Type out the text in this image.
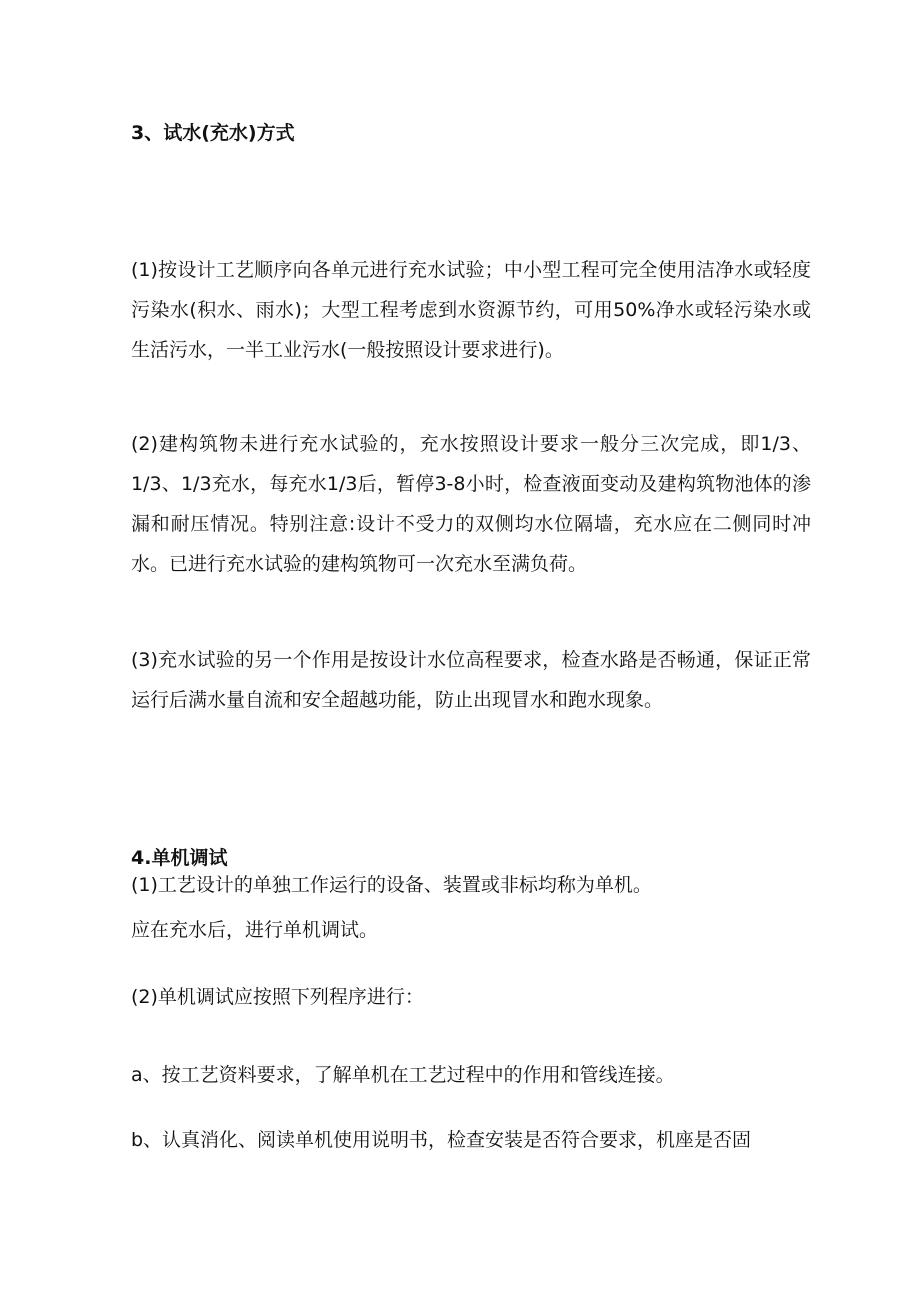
3、试水(充水)方式

(1)按设计工艺顺序向各单元进行充水试验；中小型工程可完全使用洁净水或轻度污染水(积水、雨水)；大型工程考虑到水资源节约，可用50%净水或轻污染水或生活污水，一半工业污水(一般按照设计要求进行)。

(2)建构筑物未进行充水试验的，充水按照设计要求一般分三次完成，即1/3、1/3、1/3充水，每充水1/3后，暂停3-8小时，检查液面变动及建构筑物池体的渗漏和耐压情况。特别注意:设计不受力的双侧均水位隔墙，充水应在二侧同时冲水。已进行充水试验的建构筑物可一次充水至满负荷。

(3)充水试验的另一个作用是按设计水位高程要求，检查水路是否畅通，保证正常运行后满水量自流和安全超越功能，防止出现冒水和跑水现象。

4.单机调试
(1)工艺设计的单独工作运行的设备、装置或非标均称为单机。
应在充水后，进行单机调试。
(2)单机调试应按照下列程序进行：
a、按工艺资料要求，了解单机在工艺过程中的作用和管线连接。
b、认真消化、阅读单机使用说明书，检查安装是否符合要求，机座是否固
